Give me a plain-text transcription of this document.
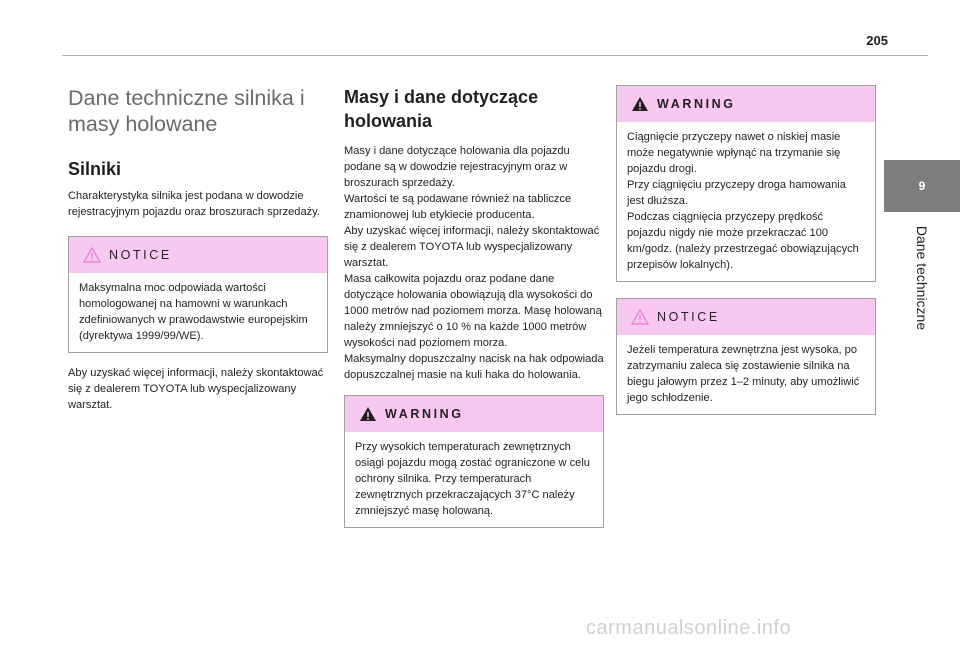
205
9
Dane techniczne
Dane techniczne silnika i masy holowane
Silniki

Charakterystyka silnika jest podana w dowodzie rejestracyjnym pojazdu oraz broszurach sprzedaży.

NOTICE

Maksymalna moc odpowiada wartości homologowanej na hamowni w warunkach zdefiniowanych w prawodawstwie europejskim (dyrektywa 1999/99/WE).

Aby uzyskać więcej informacji, należy skontaktować się z dealerem TOYOTA lub wyspecjalizowany warsztat.

Masy i dane dotyczące holowania

Masy i dane dotyczące holowania dla pojazdu podane są w dowodzie rejestracyjnym oraz w broszurach sprzedaży.
Wartości te są podawane również na tabliczce znamionowej lub etykiecie producenta.
Aby uzyskać więcej informacji, należy skontaktować się z dealerem TOYOTA lub wyspecjalizowany warsztat.
Masa całkowita pojazdu oraz podane dane dotyczące holowania obowiązują dla wysokości do 1000 metrów nad poziomem morza. Masę holowaną należy zmniejszyć o 10 % na każde 1000 metrów wysokości nad poziomem morza.
Maksymalny dopuszczalny nacisk na hak odpowiada dopuszczalnej masie na kuli haka do holowania.

WARNING

Przy wysokich temperaturach zewnętrznych osiągi pojazdu mogą zostać ograniczone w celu ochrony silnika. Przy temperaturach zewnętrznych przekraczających 37°C należy zmniejszyć masę holowaną.

WARNING

Ciągnięcie przyczepy nawet o niskiej masie może negatywnie wpłynąć na trzymanie się pojazdu drogi.
Przy ciągnięciu przyczepy droga hamowania jest dłuższa.
Podczas ciągnięcia przyczepy prędkość pojazdu nigdy nie może przekraczać 100 km/godz. (należy przestrzegać obowiązujących przepisów lokalnych).

NOTICE

Jeżeli temperatura zewnętrzna jest wysoka, po zatrzymaniu zaleca się zostawienie silnika na biegu jałowym przez 1–2 minuty, aby umożliwić jego schłodzenie.

carmanualsonline.info
